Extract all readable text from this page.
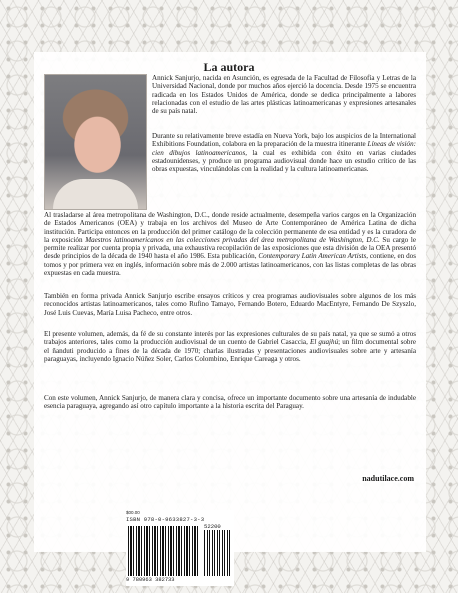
La autora

Annick Sanjurjo, nacida en Asunción, es egresada de la Facultad de Filosofía y Letras de la Universidad Nacional, donde por muchos años ejerció la docencia. Desde 1975 se encuentra radicada en los Estados Unidos de América, donde se dedica principalmente a labores relacionadas con el estudio de las artes plásticas latinoamericanas y expresiones artesanales de su país natal.

Durante su relativamente breve estadía en Nueva York, bajo los auspicios de la International Exhibitions Foundation, colabora en la preparación de la muestra itinerante Líneas de visión: cien dibujos latinoamericanos, la cual es exhibida con éxito en varias ciudades estadounidenses, y produce un programa audiovisual donde hace un estudio crítico de las obras expuestas, vinculándolas con la realidad y la cultura latinoamericanas.

Al trasladarse al área metropolitana de Washington, D.C., donde reside actualmente, desempeña varios cargos en la Organización de Estados Americanos (OEA) y trabaja en los archivos del Museo de Arte Contemporáneo de América Latina de dicha institución. Participa entonces en la producción del primer catálogo de la colección permanente de esa entidad y es la curadora de la exposición Maestros latinoamericanos en las colecciones privadas del área metropolitana de Washington, D.C. Su cargo le permite realizar por cuenta propia y privada, una exhaustiva recopilación de las exposiciones que esta división de la OEA presentó desde principios de la década de 1940 hasta el año 1986. Esta publicación, Contemporary Latin American Artists, contiene, en dos tomos y por primera vez en inglés, información sobre más de 2.000 artistas latinoamericanos, con las listas completas de las obras expuestas en cada muestra.

También en forma privada Annick Sanjurjo escribe ensayos críticos y crea programas audiovisuales sobre algunos de los más reconocidos artistas latinoamericanos, tales como Rufino Tamayo, Fernando Botero, Eduardo MacEntyre, Fernando De Szyszlo, José Luis Cuevas, María Luisa Pacheco, entre otros.

El presente volumen, además, da fé de su constante interés por las expresiones culturales de su país natal, ya que se sumó a otros trabajos anteriores, tales como la producción audiovisual de un cuento de Gabriel Casaccia, El guajhú; un film documental sobre el ñanduti producido a fines de la década de 1970; charlas ilustradas y presentaciones audiovisuales sobre arte y artesanía paraguayas, incluyendo Ignacio Núñez Soler, Carlos Colombino, Enrique Careaga y otros.

Con este volumen, Annick Sanjurjo, de manera clara y concisa, ofrece un importante documento sobre una artesanía de indudable esencia paraguaya, agregando así otro capítulo importante a la historia escrita del Paraguay.

nadutilace.com
$00.00
ISBN 978-0-9633827-3-3
52200
9 780963 382733
